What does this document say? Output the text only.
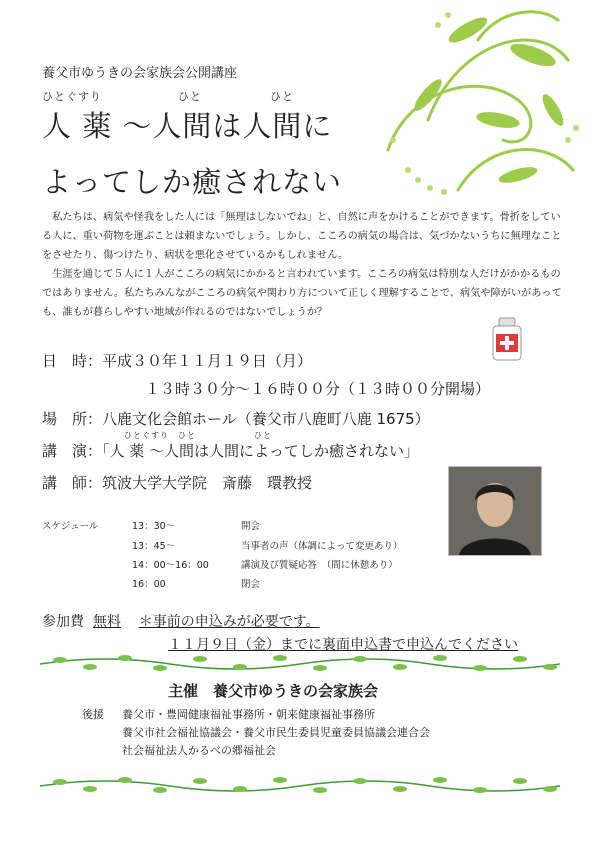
養父市ゆうきの会家族会公開講座
ひとぐすり	ひと	ひと
人 薬 〜人間は人間に
よってしか癒されない

私たちは、病気や怪我をした人には「無理はしないでね」と、自然に声をかけることができます。骨折をしている人に、重い荷物を運ぶことは頼まないでしょう。しかし、こころの病気の場合は、気づかないうちに無理なことをさせたり、傷つけたり、病状を悪化させているかもしれません。

生涯を通じて５人に１人がこころの病気にかかると言われています。こころの病気は特別な人だけがかかるものではありません。私たちみんながこころの病気や関わり方について正しく理解することで、病気や障がいがあっても、誰もが暮らしやすい地域が作れるのではないでしょうか？

日　時：平成３０年１１月１９日（月）
１３時３０分〜１６時００分（１３時００分開場）
場　所：八鹿文化会館ホール（養父市八鹿町八鹿 1675）
ひとぐすり ひと	ひと
講　演：「人 薬 〜人間は人間によってしか癒されない」
講　師：筑波大学大学院　斎藤　環教授
スケジュール	13：30〜	開会
13：45〜	当事者の声（体調によって変更あり）
14：00〜16：00	講演及び質疑応答　（間に休憩あり）
16：00	閉会
参加費 無料 ＊事前の申込みが必要です。
１１月９日（金）までに裏面申込書で申込んでください
主催　養父市ゆうきの会家族会
後援 養父市・豊岡健康福祉事務所・朝来健康福祉事務所
養父市社会福祉協議会・養父市民生委員児童委員協議会連合会
社会福祉法人かるべの郷福祉会
